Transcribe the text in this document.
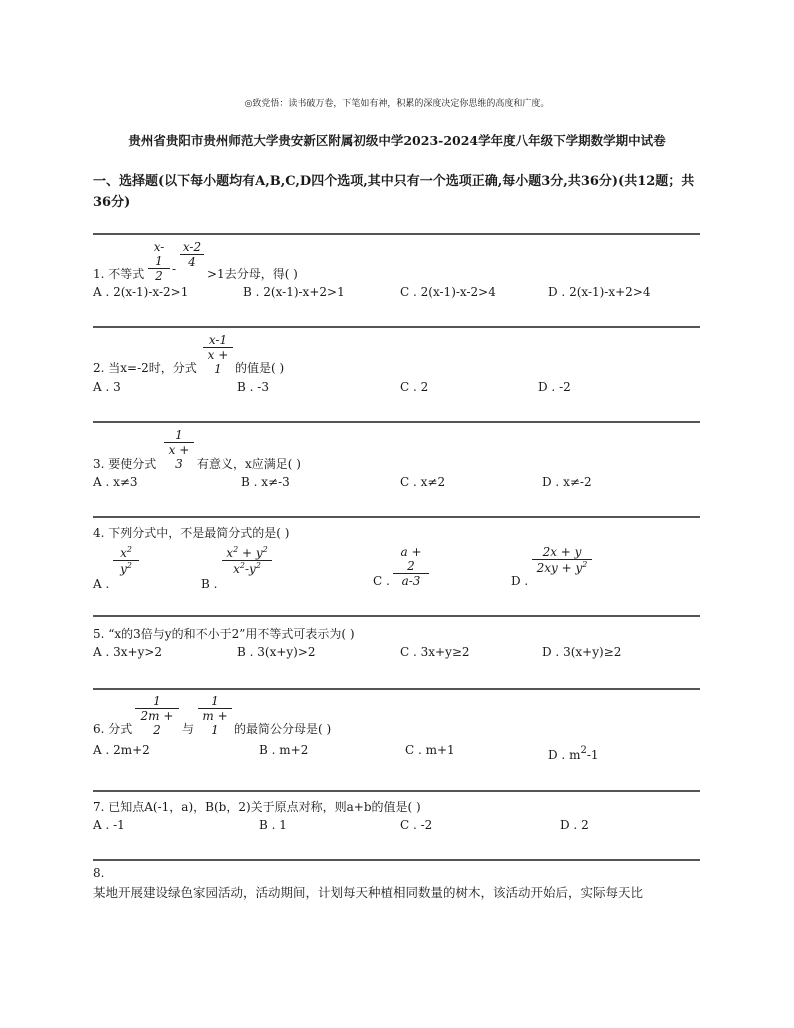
◎致党悟：读书破万卷，下笔如有神，积累的深度决定你思维的高度和广度。
贵州省贵阳市贵州师范大学贵安新区附属初级中学2023-2024学年度八年级下学期数学期中试卷
一、选择题(以下每小题均有A,B,C,D四个选项,其中只有一个选项正确,每小题3分,共36分)(共12题；共36分)
x-1
2 -
x-2
4
1. 不等式	>1去分母，得( )
A . 2(x-1)-x-2>1	B . 2(x-1)-x+2>1	C . 2(x-1)-x-2>4	D . 2(x-1)-x+2>4
2. 当x=-2时，分式
x-1
x + 1	的值是( )
A . 3	B . -3	C . 2	D . -2
3. 要使分式
1
x + 3	有意义，x应满足( )
A . x≠3	B . x≠-3	C . x≠2	D . x≠-2
4. 下列分式中，不是最简分式的是( )
A .
$x^2$
$y^2$
B .
$x^2 + y^2$
$x^2-y^2$
C .
a + 2
a-3	D .
2x + y
$2xy + y^2$
5. “x的3倍与y的和不小于2”用不等式可表示为( )
A . 3x+y>2	B . 3(x+y)>2	C . 3x+y≥2	D . 3(x+y)≥2
6. 分式
1
2m + 2	与
1
m + 1	的最简公分母是( )
A . 2m+2	B . m+2	C . m+1	D . $m^2-1$
7. 已知点A(-1，a)，B(b，2)关于原点对称，则a+b的值是( )
A . -1	B . 1	C . -2	D . 2
8.
某地开展建设绿色家园活动，活动期间，计划每天种植相同数量的树木，该活动开始后，实际每天比
